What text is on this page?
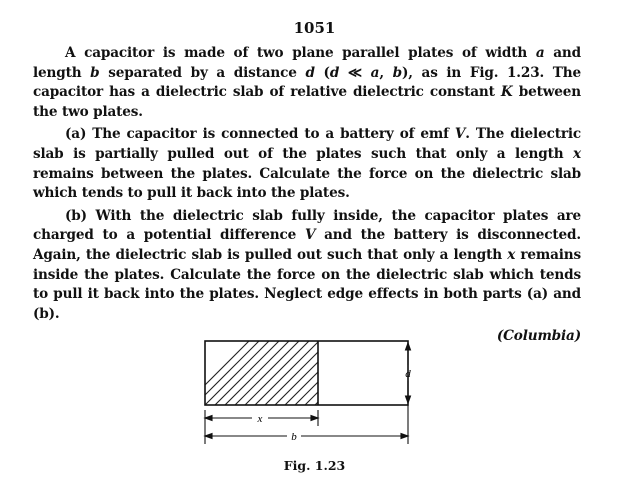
1051

A capacitor is made of two plane parallel plates of width a and length b separated by a distance d (d ≪ a, b), as in Fig. 1.23. The capacitor has a dielectric slab of relative dielectric constant K between the two plates.

(a) The capacitor is connected to a battery of emf V. The dielectric slab is partially pulled out of the plates such that only a length x remains between the plates. Calculate the force on the dielectric slab which tends to pull it back into the plates.

(b) With the dielectric slab fully inside, the capacitor plates are charged to a potential difference V and the battery is disconnected. Again, the dielectric slab is pulled out such that only a length x remains inside the plates. Calculate the force on the dielectric slab which tends to pull it back into the plates. Neglect edge effects in both parts (a) and (b).

(Columbia)
d
x
b
Fig. 1.23
